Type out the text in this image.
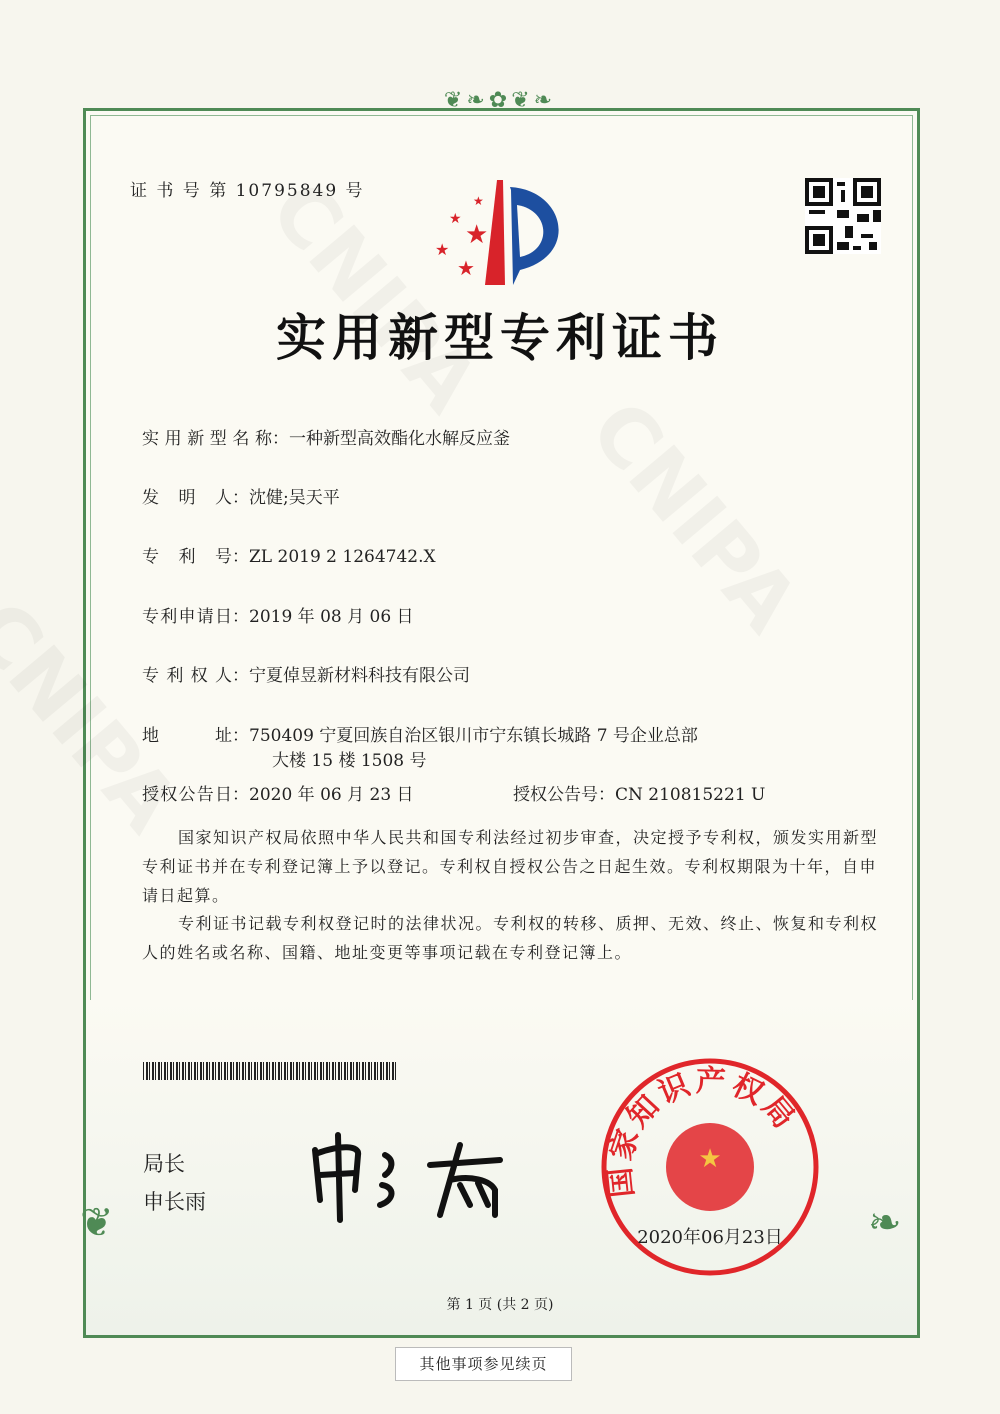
❦❧✿❦❧
❦	❧
证 书 号 第 10795849 号
★
★
★
★
★
实用新型专利证书
实用新型名称：一种新型高效酯化水解反应釜
发明人：沈健;吴天平
专利号：ZL 2019 2 1264742.X
专利申请日：2019 年 08 月 06 日
专利权人：宁夏倬昱新材料科技有限公司
地址：750409 宁夏回族自治区银川市宁东镇长城路 7 号企业总部
大楼 15 楼 1508 号
授权公告日：2020 年 06 月 23 日	授权公告号：CN 210815221 U
国家知识产权局依照中华人民共和国专利法经过初步审查，决定授予专利权，颁发实用新型专利证书并在专利登记簿上予以登记。专利权自授权公告之日起生效。专利权期限为十年，自申请日起算。
专利证书记载专利权登记时的法律状况。专利权的转移、质押、无效、终止、恢复和专利权人的姓名或名称、国籍、地址变更等事项记载在专利登记簿上。
局长
申长雨
国家知识产权局
★
2020年06月23日
第 1 页 (共 2 页)
其他事项参见续页
